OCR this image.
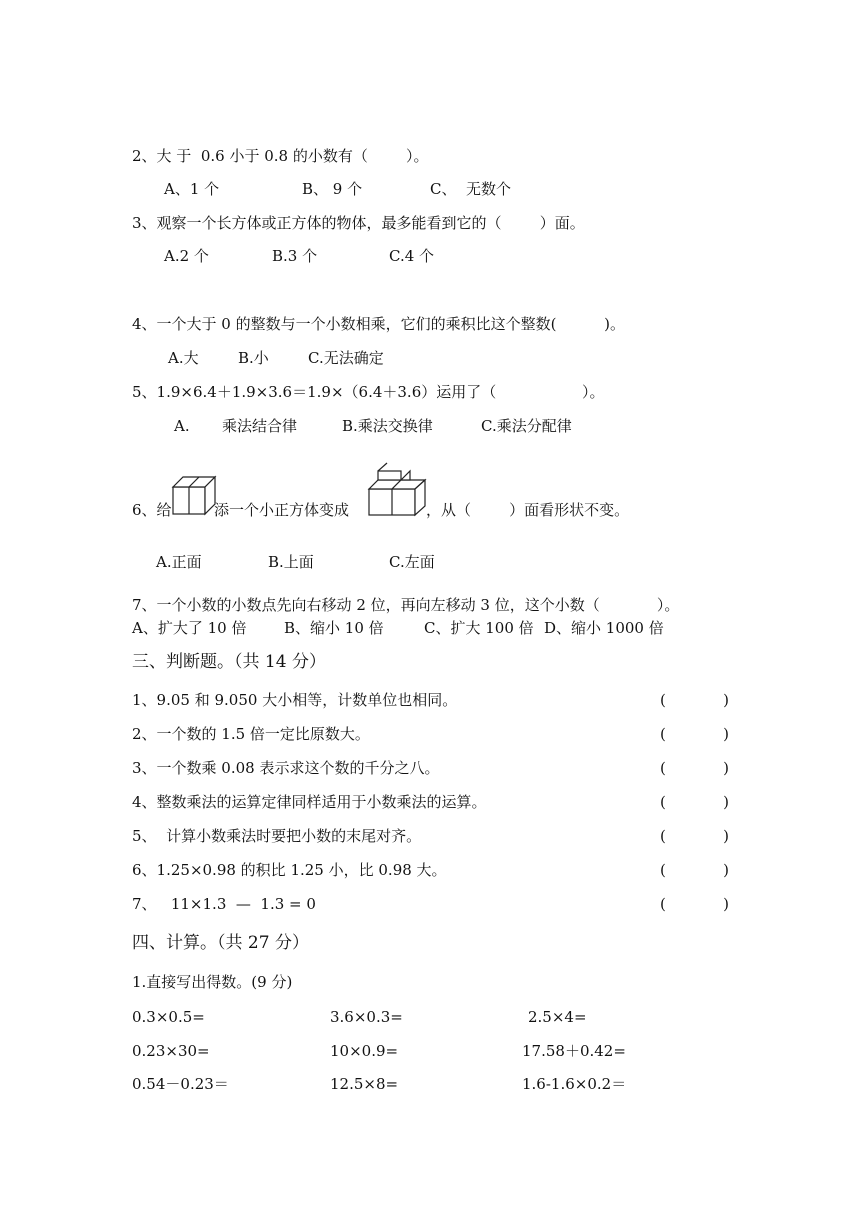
2、大 于  0.6 小于 0.8 的小数有（        ）。
A、1 个	B、 9 个	C、  无数个
3、观察一个长方体或正方体的物体，最多能看到它的（        ）面。
A.2 个	B.3 个	C.4 个
4、一个大于 0 的整数与一个小数相乘，它们的乘积比这个整数(          )。
A.大	B.小	C.无法确定
5、1.9×6.4＋1.9×3.6＝1.9×（6.4＋3.6）运用了（                  ）。
A. 乘法结合律	B.乘法交换律	C.乘法分配律
6、给	添一个小正方体变成	，从（        ）面看形状不变。
A.正面	B.上面	C.左面
7、一个小数的小数点先向右移动 2 位，再向左移动 3 位，这个小数（            ）。
A、扩大了 10 倍	B、缩小 10 倍	C、扩大 100 倍 D、缩小 1000 倍
三、判断题。（共 14 分）
1、9.05 和 9.050 大小相等，计数单位也相同。	(            )
2、一个数的 1.5 倍一定比原数大。	(            )
3、一个数乘 0.08 表示求这个数的千分之八。	(            )
4、整数乘法的运算定律同样适用于小数乘法的运算。	(            )
5、  计算小数乘法时要把小数的末尾对齐。	(            )
6、1.25×0.98 的积比 1.25 小，比 0.98 大。	(            )
7、   11×1.3  —  1.3 = 0	(            )
四、计算。（共 27 分）
1.直接写出得数。(9 分)
0.3×0.5=	3.6×0.3=	2.5×4=
0.23×30=	10×0.9=	17.58＋0.42=
0.54－0.23＝	12.5×8=	1.6-1.6×0.2＝
